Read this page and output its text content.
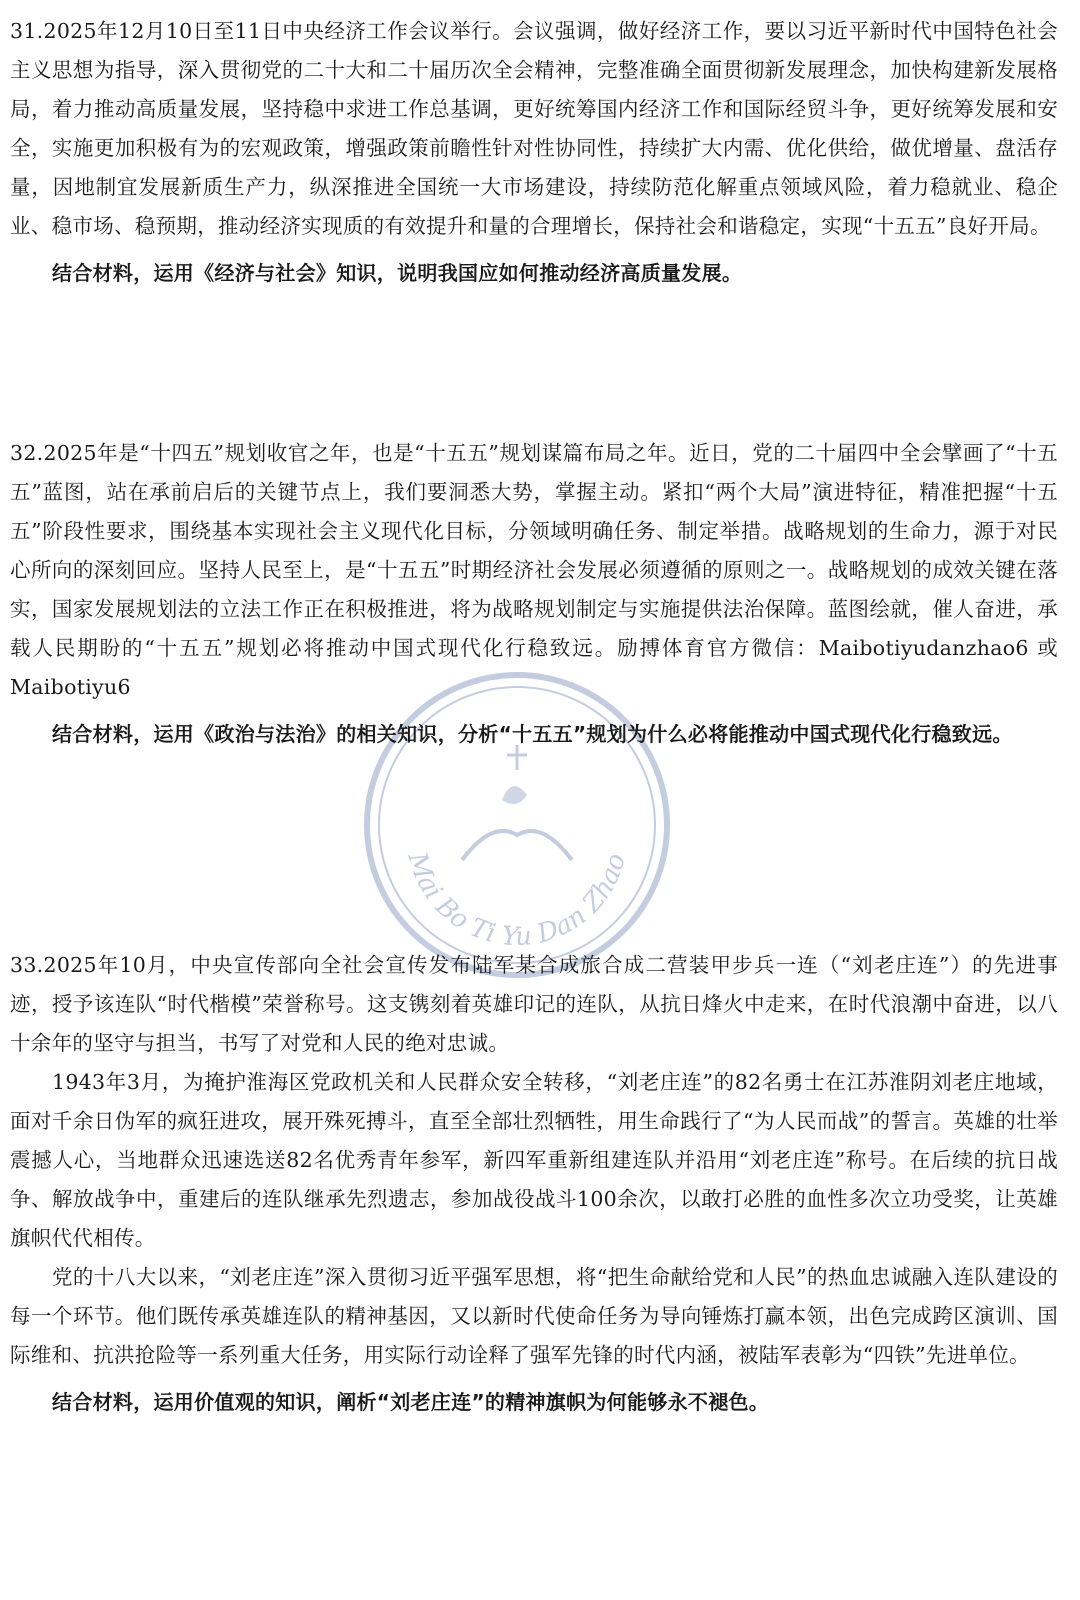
Mai Bo Ti Yu Dan Zhao

31.2025年12月10日至11日中央经济工作会议举行。会议强调，做好经济工作，要以习近平新时代中国特色社会主义思想为指导，深入贯彻党的二十大和二十届历次全会精神，完整准确全面贯彻新发展理念，加快构建新发展格局，着力推动高质量发展，坚持稳中求进工作总基调，更好统筹国内经济工作和国际经贸斗争，更好统筹发展和安全，实施更加积极有为的宏观政策，增强政策前瞻性针对性协同性，持续扩大内需、优化供给，做优增量、盘活存量，因地制宜发展新质生产力，纵深推进全国统一大市场建设，持续防范化解重点领域风险，着力稳就业、稳企业、稳市场、稳预期，推动经济实现质的有效提升和量的合理增长，保持社会和谐稳定，实现“十五五”良好开局。

结合材料，运用《经济与社会》知识，说明我国应如何推动经济高质量发展。

32.2025年是“十四五”规划收官之年，也是“十五五”规划谋篇布局之年。近日，党的二十届四中全会擘画了“十五五”蓝图，站在承前启后的关键节点上，我们要洞悉大势，掌握主动。紧扣“两个大局”演进特征，精准把握“十五五”阶段性要求，围绕基本实现社会主义现代化目标，分领域明确任务、制定举措。战略规划的生命力，源于对民心所向的深刻回应。坚持人民至上，是“十五五”时期经济社会发展必须遵循的原则之一。战略规划的成效关键在落实，国家发展规划法的立法工作正在积极推进，将为战略规划制定与实施提供法治保障。蓝图绘就，催人奋进，承载人民期盼的“十五五”规划必将推动中国式现代化行稳致远。励搏体育官方微信：Maibotiyudanzhao6 或 Maibotiyu6

结合材料，运用《政治与法治》的相关知识，分析“十五五”规划为什么必将能推动中国式现代化行稳致远。

33.2025年10月，中央宣传部向全社会宣传发布陆军某合成旅合成二营装甲步兵一连（“刘老庄连”）的先进事迹，授予该连队“时代楷模”荣誉称号。这支镌刻着英雄印记的连队，从抗日烽火中走来，在时代浪潮中奋进，以八十余年的坚守与担当，书写了对党和人民的绝对忠诚。

1943年3月，为掩护淮海区党政机关和人民群众安全转移，“刘老庄连”的82名勇士在江苏淮阴刘老庄地域，面对千余日伪军的疯狂进攻，展开殊死搏斗，直至全部壮烈牺牲，用生命践行了“为人民而战”的誓言。英雄的壮举震撼人心，当地群众迅速选送82名优秀青年参军，新四军重新组建连队并沿用“刘老庄连”称号。在后续的抗日战争、解放战争中，重建后的连队继承先烈遗志，参加战役战斗100余次，以敢打必胜的血性多次立功受奖，让英雄旗帜代代相传。

党的十八大以来，“刘老庄连”深入贯彻习近平强军思想，将“把生命献给党和人民”的热血忠诚融入连队建设的每一个环节。他们既传承英雄连队的精神基因，又以新时代使命任务为导向锤炼打赢本领，出色完成跨区演训、国际维和、抗洪抢险等一系列重大任务，用实际行动诠释了强军先锋的时代内涵，被陆军表彰为“四铁”先进单位。

结合材料，运用价值观的知识，阐析“刘老庄连”的精神旗帜为何能够永不褪色。
